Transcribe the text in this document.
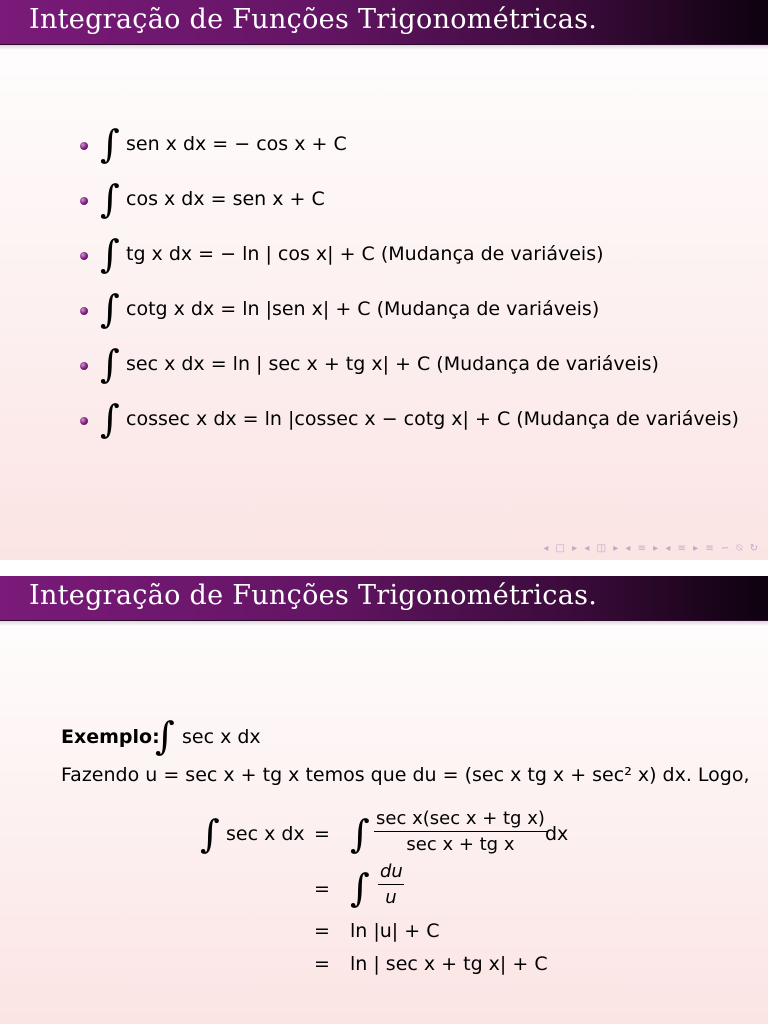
Integração de Funções Trigonométricas.
∫ sen x dx = − cos x + C
∫ cos x dx = sen x + C
∫ tg x dx = − ln | cos x| + C (Mudança de variáveis)
∫ cotg x dx = ln |sen x| + C (Mudança de variáveis)
∫ sec x dx = ln | sec x + tg x| + C (Mudança de variáveis)
∫ cossec x dx = ln |cossec x − cotg x| + C (Mudança de variáveis)
◂ □ ▸ ◂ ◫ ▸ ◂ ≡ ▸ ◂ ≡ ▸ ≡ ∽ ⍉ ↻
Integração de Funções Trigonométricas.
Exemplo:
∫ sec x dx
Fazendo u = sec x + tg x temos que du = (sec x tg x + sec² x) dx. Logo,
∫ sec x dx = ∫ sec x(sec x + tg x)
sec x + tg x	dx
= ∫ $\frac{du}{u}$
= ln |u| + C
= ln | sec x + tg x| + C
